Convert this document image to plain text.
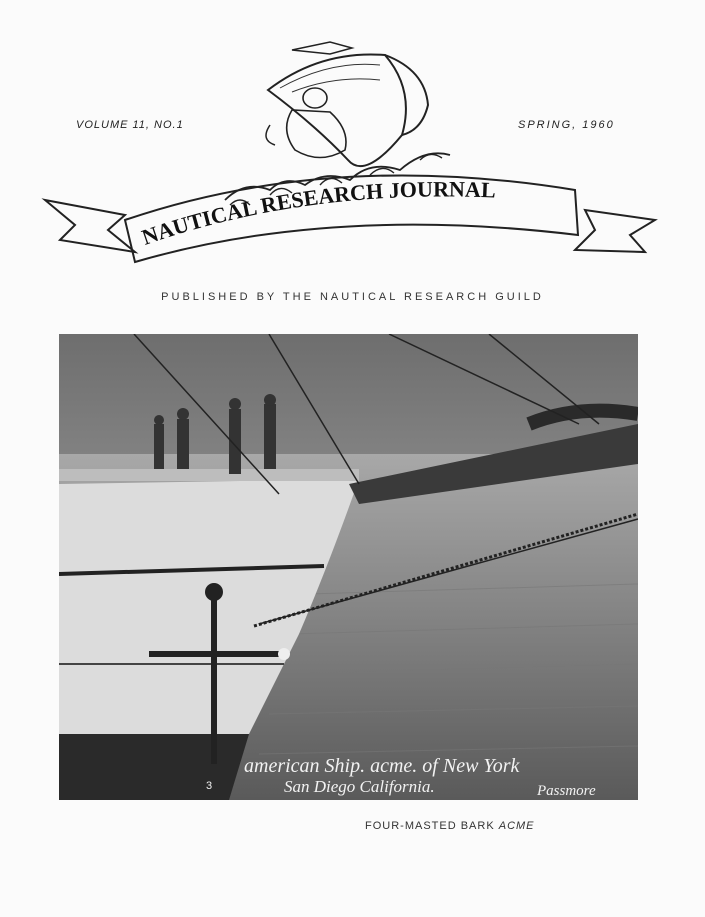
VOLUME 11, NO.1	SPRING, 1960
NAUTICAL RESEARCH JOURNAL
PUBLISHED BY THE NAUTICAL RESEARCH GUILD
american Ship. acme. of New York
San Diego California.	Passmore
3
FOUR-MASTED BARK ACME
